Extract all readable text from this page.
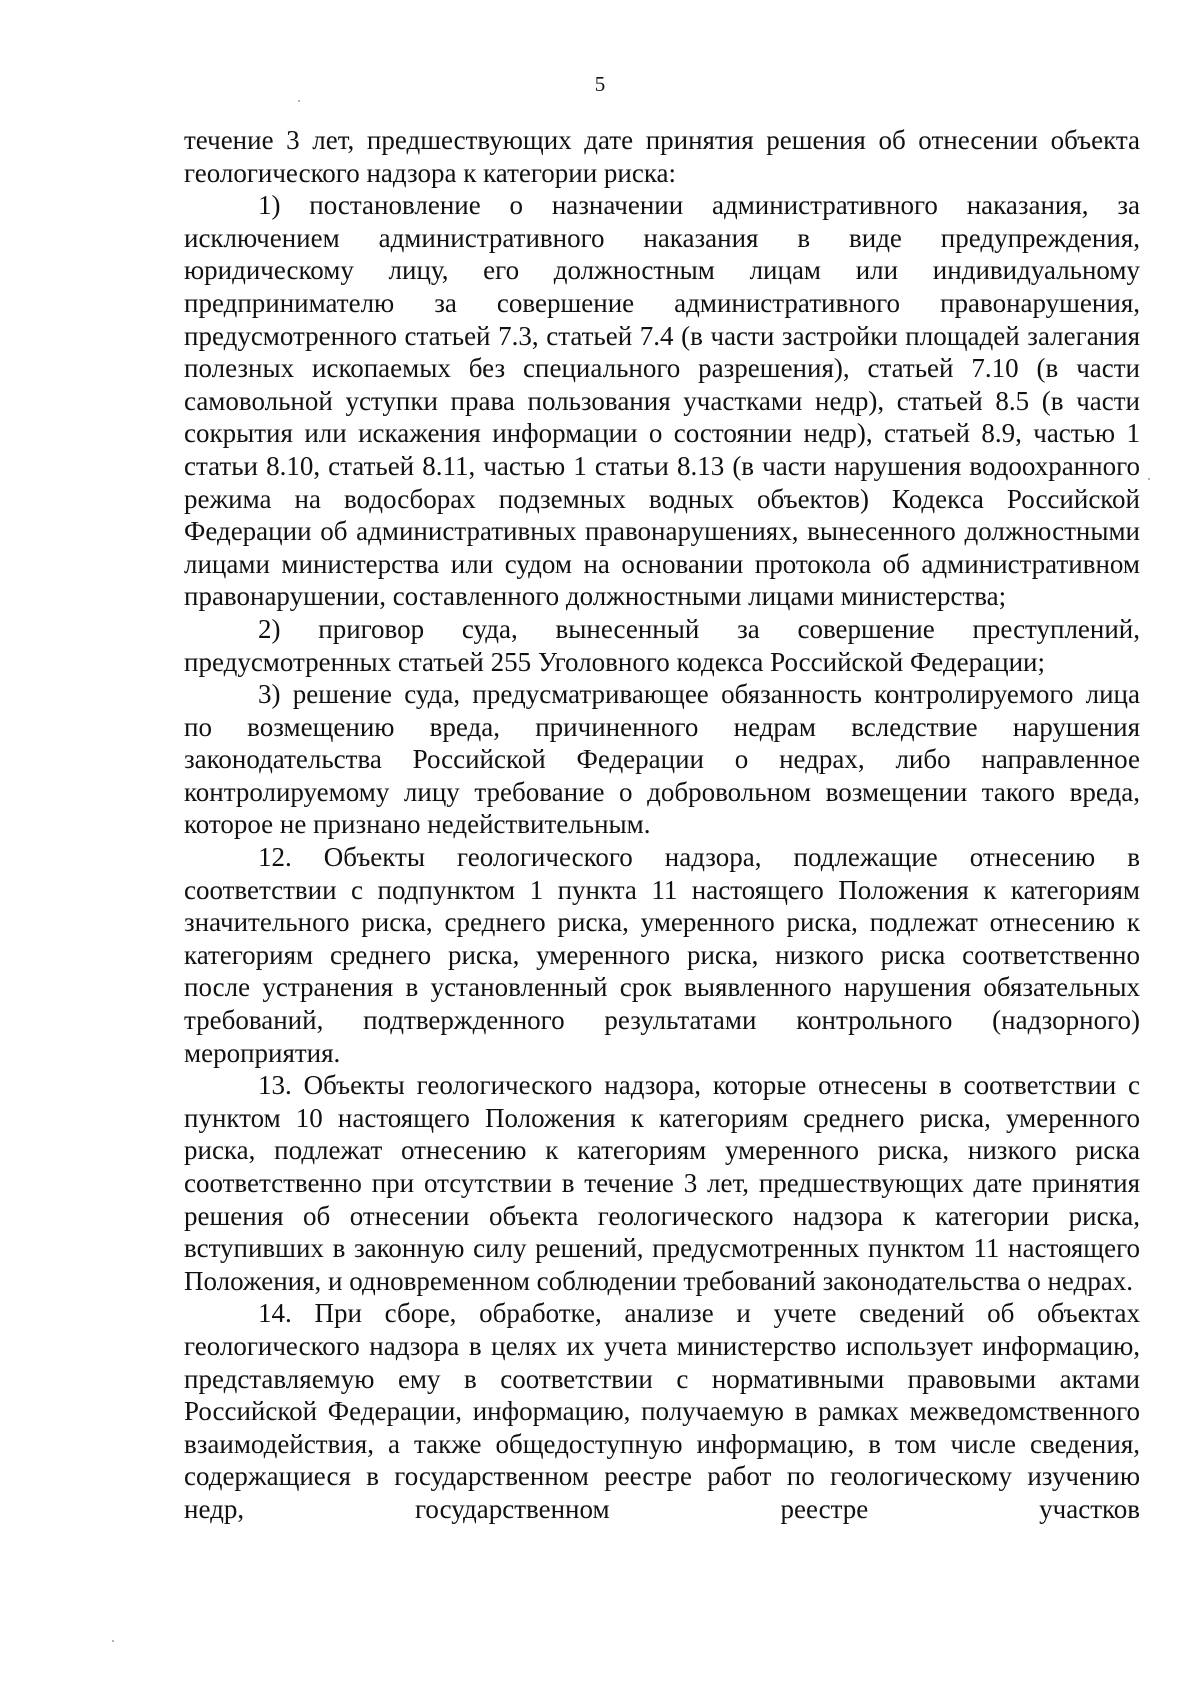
5

течение 3 лет, предшествующих дате принятия решения об отнесении объекта геологического надзора к категории риска:

1) постановление о назначении административного наказания, за исключением административного наказания в виде предупреждения, юридическому лицу, его должностным лицам или индивидуальному предпринимателю за совершение административного правонарушения, предусмотренного статьей 7.3, статьей 7.4 (в части застройки площадей залегания полезных ископаемых без специального разрешения), статьей 7.10 (в части самовольной уступки права пользования участками недр), статьей 8.5 (в части сокрытия или искажения информации о состоянии недр), статьей 8.9, частью 1 статьи 8.10, статьей 8.11, частью 1 статьи 8.13 (в части нарушения водоохранного режима на водосборах подземных водных объектов) Кодекса Российской Федерации об административных правонарушениях, вынесенного должностными лицами министерства или судом на основании протокола об административном правонарушении, составленного должностными лицами министерства;

2) приговор суда, вынесенный за совершение преступлений, предусмотренных статьей 255 Уголовного кодекса Российской Федерации;

3) решение суда, предусматривающее обязанность контролируемого лица по возмещению вреда, причиненного недрам вследствие нарушения законодательства Российской Федерации о недрах, либо направленное контролируемому лицу требование о добровольном возмещении такого вреда, которое не признано недействительным.

12. Объекты геологического надзора, подлежащие отнесению в соответствии с подпунктом 1 пункта 11 настоящего Положения к категориям значительного риска, среднего риска, умеренного риска, подлежат отнесению к категориям среднего риска, умеренного риска, низкого риска соответственно после устранения в установленный срок выявленного нарушения обязательных требований, подтвержденного результатами контрольного (надзорного) мероприятия.

13. Объекты геологического надзора, которые отнесены в соответствии с пунктом 10 настоящего Положения к категориям среднего риска, умеренного риска, подлежат отнесению к категориям умеренного риска, низкого риска соответственно при отсутствии в течение 3 лет, предшествующих дате принятия решения об отнесении объекта геологического надзора к категории риска, вступивших в законную силу решений, предусмотренных пунктом 11 настоящего Положения, и одновременном соблюдении требований законодательства о недрах.

14. При сборе, обработке, анализе и учете сведений об объектах геологического надзора в целях их учета министерство использует информацию, представляемую ему в соответствии с нормативными правовыми актами Российской Федерации, информацию, получаемую в рамках межведомственного взаимодействия, а также общедоступную информацию, в том числе сведения, содержащиеся в государственном реестре работ по геологическому изучению недр, государственном реестре участков
